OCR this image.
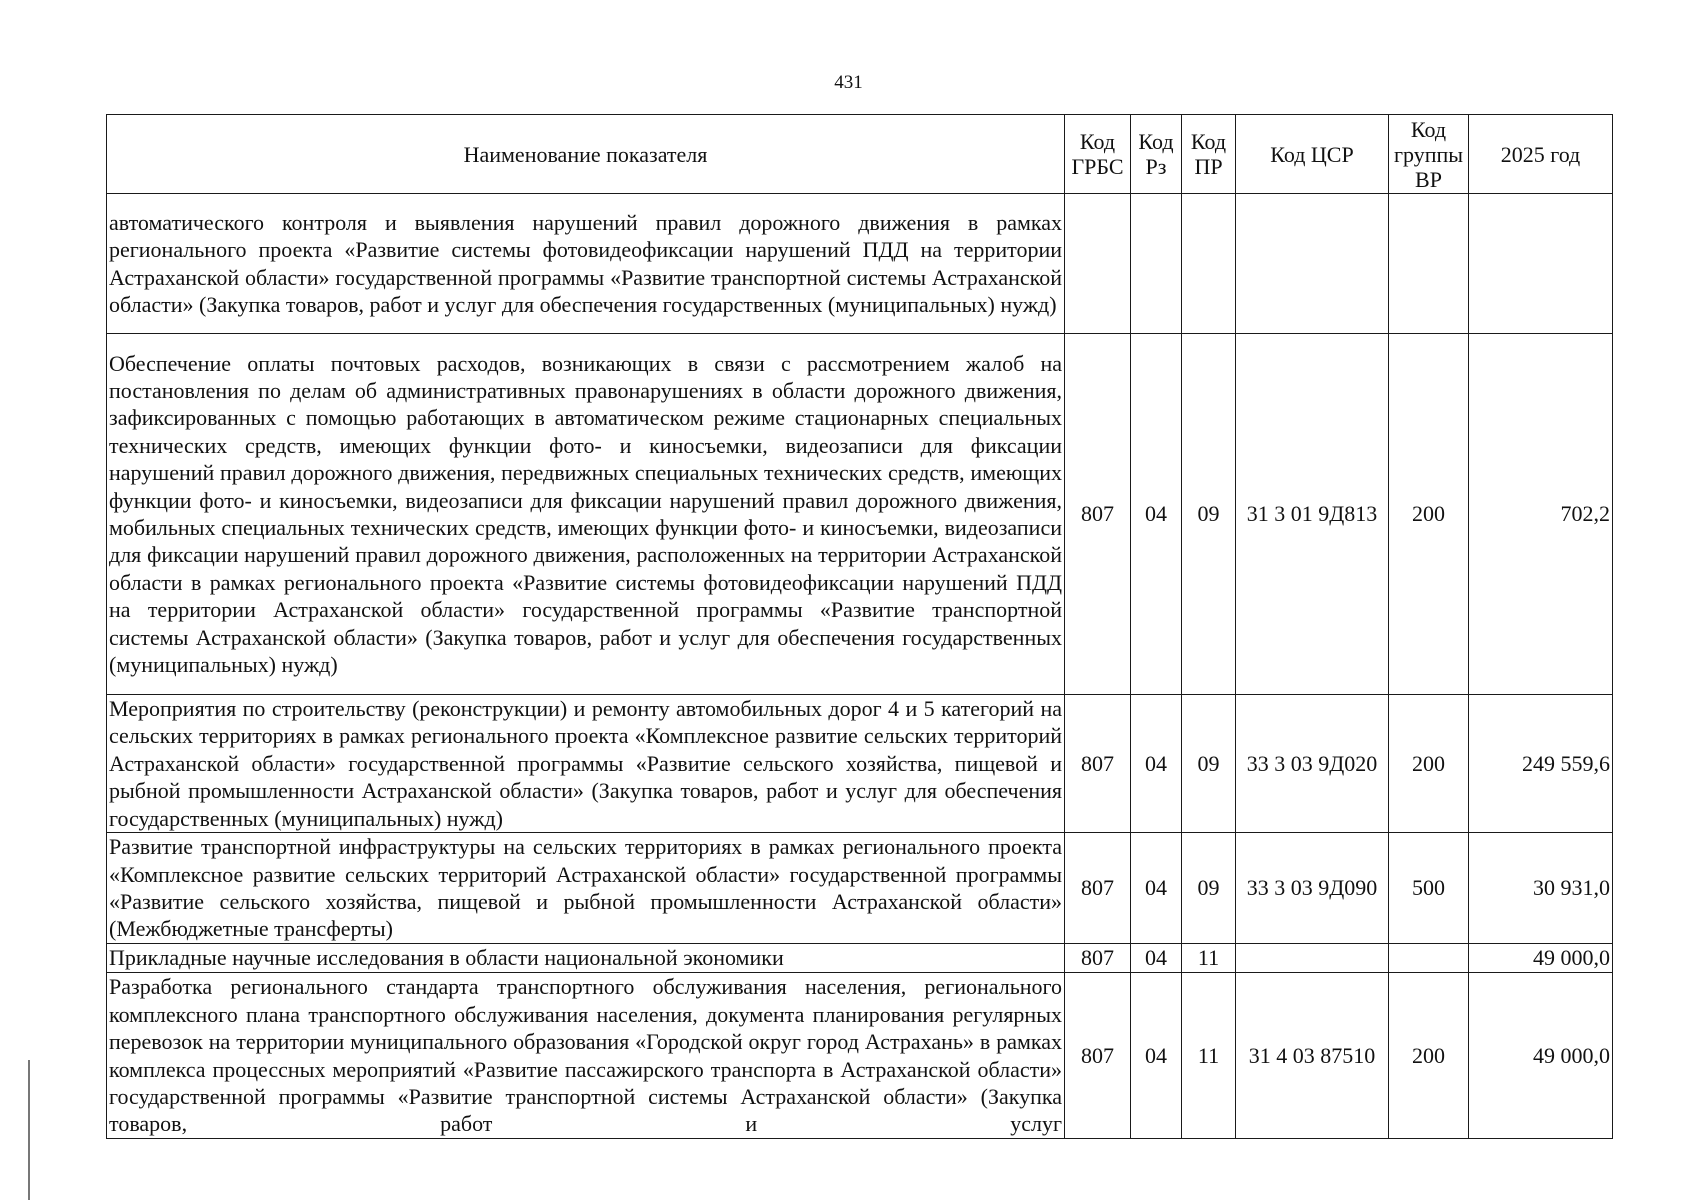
431
Наименование показателя	Код ГРБС	Код Рз	Код ПР	Код ЦСР	Код группы ВР	2025 год
автоматического контроля и выявления нарушений правил дорожного движения в рамках регионального проекта «Развитие системы фотовидеофиксации нарушений ПДД на территории Астраханской области» государственной программы «Развитие транспортной системы Астраханской области» (Закупка товаров, работ и услуг для обеспечения государственных (муниципальных) нужд)						
Обеспечение оплаты почтовых расходов, возникающих в связи с рассмотрением жалоб на постановления по делам об административных правонарушениях в области дорожного движения, зафиксированных с помощью работающих в автоматическом режиме стационарных специальных технических средств, имеющих функции фото- и киносъемки, видеозаписи для фиксации нарушений правил дорожного движения, передвижных специальных технических средств, имеющих функции фото- и киносъемки, видеозаписи для фиксации нарушений правил дорожного движения, мобильных специальных технических средств, имеющих функции фото- и киносъемки, видеозаписи для фиксации нарушений правил дорожного движения, расположенных на территории Астраханской области в рамках регионального проекта «Развитие системы фотовидеофиксации нарушений ПДД на территории Астраханской области» государственной программы «Развитие транспортной системы Астраханской области» (Закупка товаров, работ и услуг для обеспечения государственных (муниципальных) нужд)	807	04	09	31 3 01 9Д813	200	702,2
Мероприятия по строительству (реконструкции) и ремонту автомобильных дорог 4 и 5 категорий на сельских территориях в рамках регионального проекта «Комплексное развитие сельских территорий Астраханской области» государственной программы «Развитие сельского хозяйства, пищевой и рыбной промышленности Астраханской области» (Закупка товаров, работ и услуг для обеспечения государственных (муниципальных) нужд)	807	04	09	33 3 03 9Д020	200	249 559,6
Развитие транспортной инфраструктуры на сельских территориях в рамках регионального проекта «Комплексное развитие сельских территорий Астраханской области» государственной программы «Развитие сельского хозяйства, пищевой и рыбной промышленности Астраханской области» (Межбюджетные трансферты)	807	04	09	33 3 03 9Д090	500	30 931,0
Прикладные научные исследования в области национальной экономики	807	04	11			49 000,0
Разработка регионального стандарта транспортного обслуживания населения, регионального комплексного плана транспортного обслуживания населения, документа планирования регулярных перевозок на территории муниципального образования «Городской округ город Астрахань» в рамках комплекса процессных мероприятий «Развитие пассажирского транспорта в Астраханской области» государственной программы «Развитие транспортной системы Астраханской области» (Закупка товаров, работ и услуг	807	04	11	31 4 03 87510	200	49 000,0
